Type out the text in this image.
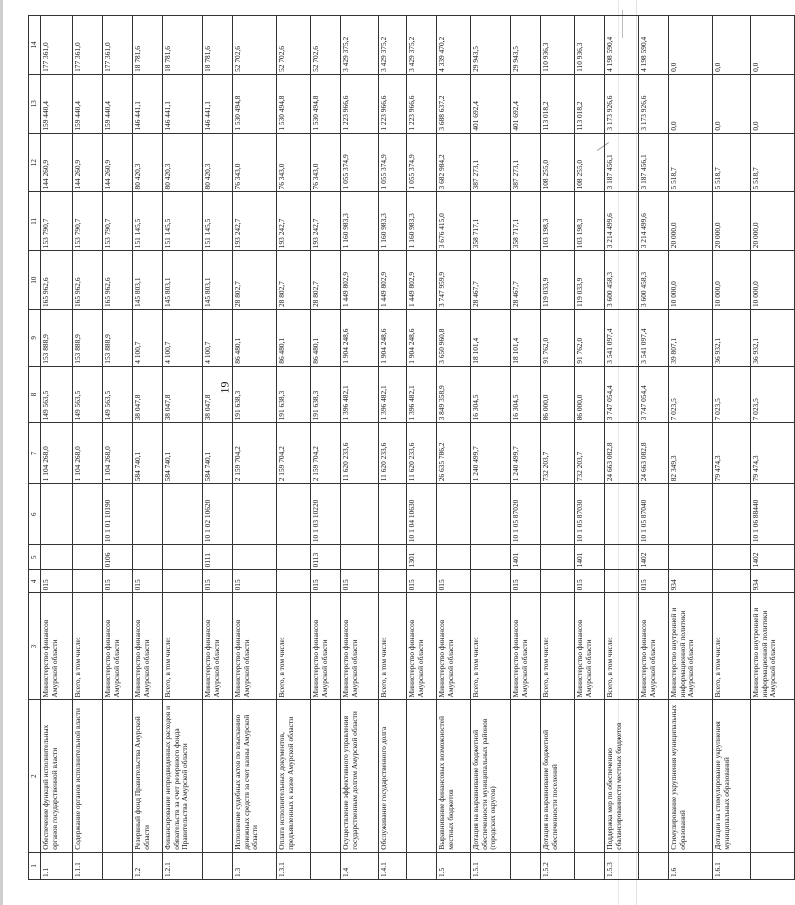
19
1	2	3	4	5	6	7	8	9	10	11	12	13	14
1.1	Обеспечение функций исполнительных органов государственной власти	Министерство финансов Амурской области	015			1 104 268,0	149 563,5	153 888,9	165 962,6	153 790,7	144 260,9	159 440,4	177 361,0
1.1.1	Содержание органов исполнительной власти	Всего, в том числе:				1 104 268,0	149 563,5	153 888,9	165 962,6	153 790,7	144 260,9	159 440,4	177 361,0
		Министерство финансов Амурской области	015	0106	10 1 01 10190	1 104 268,0	149 563,5	153 888,9	165 962,6	153 790,7	144 260,9	159 440,4	177 361,0
1.2	Резервный фонд Правительства Амурской области	Министерство финансов Амурской области	015			584 740,1	38 047,8	4 100,7	145 803,1	151 145,5	80 420,3	146 441,1	18 781,6
1.2.1	Финансирование непредвиденных расходов и обязательств за счет резервного фонда Правительства Амурской области	Всего, в том числе:				584 740,1	38 047,8	4 100,7	145 803,1	151 145,5	80 420,3	146 441,1	18 781,6
		Министерство финансов Амурской области	015	0111	10 1 02 10620	584 740,1	38 047,8	4 100,7	145 803,1	151 145,5	80 420,3	146 441,1	18 781,6
1.3	Исполнение судебных актов по взысканию денежных средств за счет казны Амурской области	Министерство финансов Амурской области	015			2 159 704,2	191 638,3	86 480,1	28 802,7	193 242,7	76 343,0	1 530 494,8	52 702,6
1.3.1	Оплата исполнительных документов, предъявленных к казне Амурской области	Всего, в том числе:				2 159 704,2	191 638,3	86 480,1	28 802,7	193 242,7	76 343,0	1 530 494,8	52 702,6
		Министерство финансов Амурской области	015	0113	10 1 03 10220	2 159 704,2	191 638,3	86 480,1	28 802,7	193 242,7	76 343,0	1 530 494,8	52 702,6
1.4	Осуществление эффективного управления государственным долгом Амурской области	Министерство финансов Амурской области	015			11 620 233,6	1 396 482,1	1 904 248,6	1 449 802,9	1 160 983,3	1 055 374,9	1 223 966,6	3 429 375,2
1.4.1	Обслуживание государственного долга	Всего, в том числе:				11 620 233,6	1 396 482,1	1 904 248,6	1 449 802,9	1 160 983,3	1 055 374,9	1 223 966,6	3 429 375,2
		Министерство финансов Амурской области	015	1301	10 1 04 10630	11 620 233,6	1 396 482,1	1 904 248,6	1 449 802,9	1 160 983,3	1 055 374,9	1 223 966,6	3 429 375,2
1.5	Выравнивание финансовых возможностей местных бюджетов	Министерство финансов Амурской области	015			26 635 786,2	3 849 358,9	3 650 960,8	3 747 959,9	3 676 415,0	3 682 984,2	3 688 637,2	4 339 470,2
1.5.1	Дотация на выравнивание бюджетной обеспеченности муниципальных районов (городских округов)	Всего, в том числе:				1 240 499,7	16 304,5	18 101,4	28 467,7	358 717,1	387 273,1	401 692,4	29 943,5
		Министерство финансов Амурской области	015	1401	10 1 05 87020	1 240 499,7	16 304,5	18 101,4	28 467,7	358 717,1	387 273,1	401 692,4	29 943,5
1.5.2	Дотация на выравнивание бюджетной обеспеченности поселений	Всего, в том числе:				732 203,7	86 000,0	91 762,0	119 033,9	103 198,3	108 255,0	113 018,2	110 936,3
		Министерство финансов Амурской области	015	1401	10 1 05 87030	732 203,7	86 000,0	91 762,0	119 033,9	103 198,3	108 255,0	113 018,2	110 936,3
1.5.3	Поддержка мер по обеспечению сбалансированности местных бюджетов	Всего, в том числе:				24 663 082,8	3 747 054,4	3 541 097,4	3 600 458,3	3 214 499,6	3 187 456,1	3 173 926,6	4 198 590,4
		Министерство финансов Амурской области	015	1402	10 1 05 87040	24 663 082,8	3 747 054,4	3 541 097,4	3 600 458,3	3 214 499,6	3 187 456,1	3 173 926,6	4 198 590,4
1.6	Стимулирование укрупнения муниципальных образований	Министерство внутренней и информационной политики Амурской области	934			82 349,3	7 023,5	39 807,1	10 000,0	20 000,0	5 518,7	0,0	0,0
1.6.1	Дотации на стимулирование укрупнения муниципальных образований	Всего, в том числе:				79 474,3	7 023,5	36 932,1	10 000,0	20 000,0	5 518,7	0,0	0,0
		Министерство внутренней и информационной политики Амурской области	934	1402	10 1 06 88440	79 474,3	7 023,5	36 932,1	10 000,0	20 000,0	5 518,7	0,0	0,0
